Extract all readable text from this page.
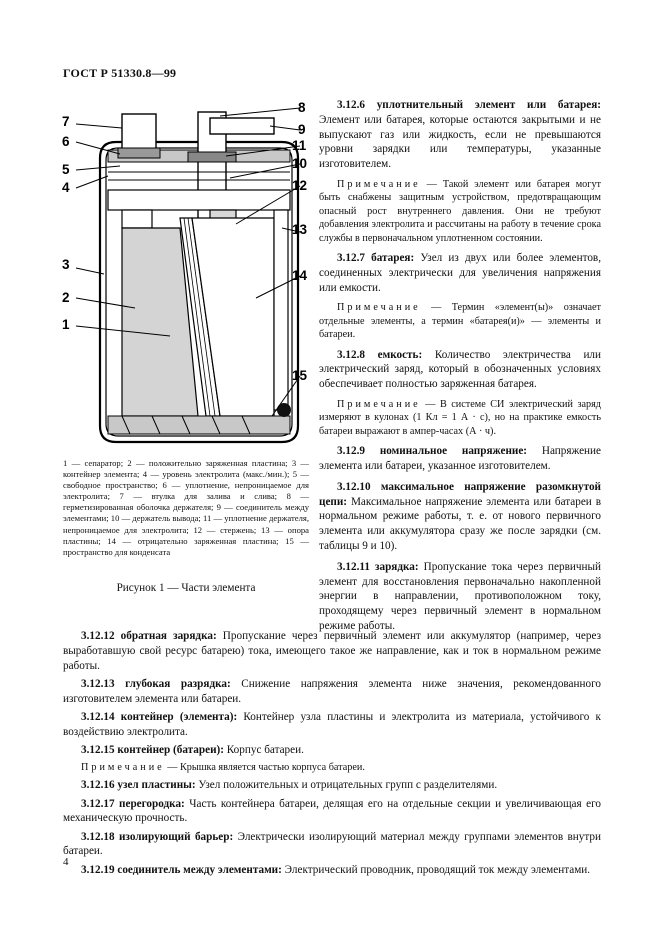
ГОСТ Р 51330.8—99
1
2
3
4
5
6
7
8
9
10
11
12
13
14
15
1 — сепаратор; 2 — положительно заряженная пластина; 3 — контейнер элемента; 4 — уровень электролита (макс./мин.); 5 — свободное пространство; 6 — уплотнение, непроницаемое для электролита; 7 — втулка для залива и слива; 8 — герметизированная оболочка держателя; 9 — соединитель между элементами; 10 — держатель вывода; 11 — уплотнение держателя, непроницаемое для электролита; 12 — стержень; 13 — опора пластины; 14 — отрицательно заряженная пластина; 15 — пространство для конденсата
Рисунок 1 — Части элемента

3.12.6 уплотнительный элемент или батарея: Элемент или батарея, которые остаются закрытыми и не выпускают газ или жидкость, если не превышаются уровни зарядки или температуры, указанные изготовителем.

Примечание — Такой элемент или батарея могут быть снабжены защитным устройством, предотвращающим опасный рост внутреннего давления. Они не требуют добавления электролита и рассчитаны на работу в течение срока службы в первоначальном уплотненном состоянии.

3.12.7 батарея: Узел из двух или более элементов, соединенных электрически для увеличения напряжения или емкости.

Примечание — Термин «элемент(ы)» означает отдельные элементы, а термин «батарея(и)» — элементы и батареи.

3.12.8 емкость: Количество электричества или электрический заряд, который в обозначенных условиях обеспечивает полностью заряженная батарея.

Примечание — В системе СИ электрический заряд измеряют в кулонах (1 Кл = 1 А · с), но на практике емкость батареи выражают в ампер-часах (А · ч).

3.12.9 номинальное напряжение: Напряжение элемента или батареи, указанное изготовителем.

3.12.10 максимальное напряжение разомкнутой цепи: Максимальное напряжение элемента или батареи в нормальном режиме работы, т. е. от нового первичного элемента или аккумулятора сразу же после зарядки (см. таблицы 9 и 10).

3.12.11 зарядка: Пропускание тока через первичный элемент для восстановления первоначально накопленной энергии в направлении, противоположном току, проходящему через первичный элемент в нормальном режиме работы.

3.12.12 обратная зарядка: Пропускание через первичный элемент или аккумулятор (например, через выработавшую свой ресурс батарею) тока, имеющего такое же направление, как и ток в нормальном режиме работы.

3.12.13 глубокая разрядка: Снижение напряжения элемента ниже значения, рекомендованного изготовителем элемента или батареи.

3.12.14 контейнер (элемента): Контейнер узла пластины и электролита из материала, устойчивого к воздействию электролита.

3.12.15 контейнер (батареи): Корпус батареи.

Примечание — Крышка является частью корпуса батареи.

3.12.16 узел пластины: Узел положительных и отрицательных групп с разделителями.

3.12.17 перегородка: Часть контейнера батареи, делящая его на отдельные секции и увеличивающая его механическую прочность.

3.12.18 изолирующий барьер: Электрически изолирующий материал между группами элементов внутри батареи.

3.12.19 соединитель между элементами: Электрический проводник, проводящий ток между элементами.

4
